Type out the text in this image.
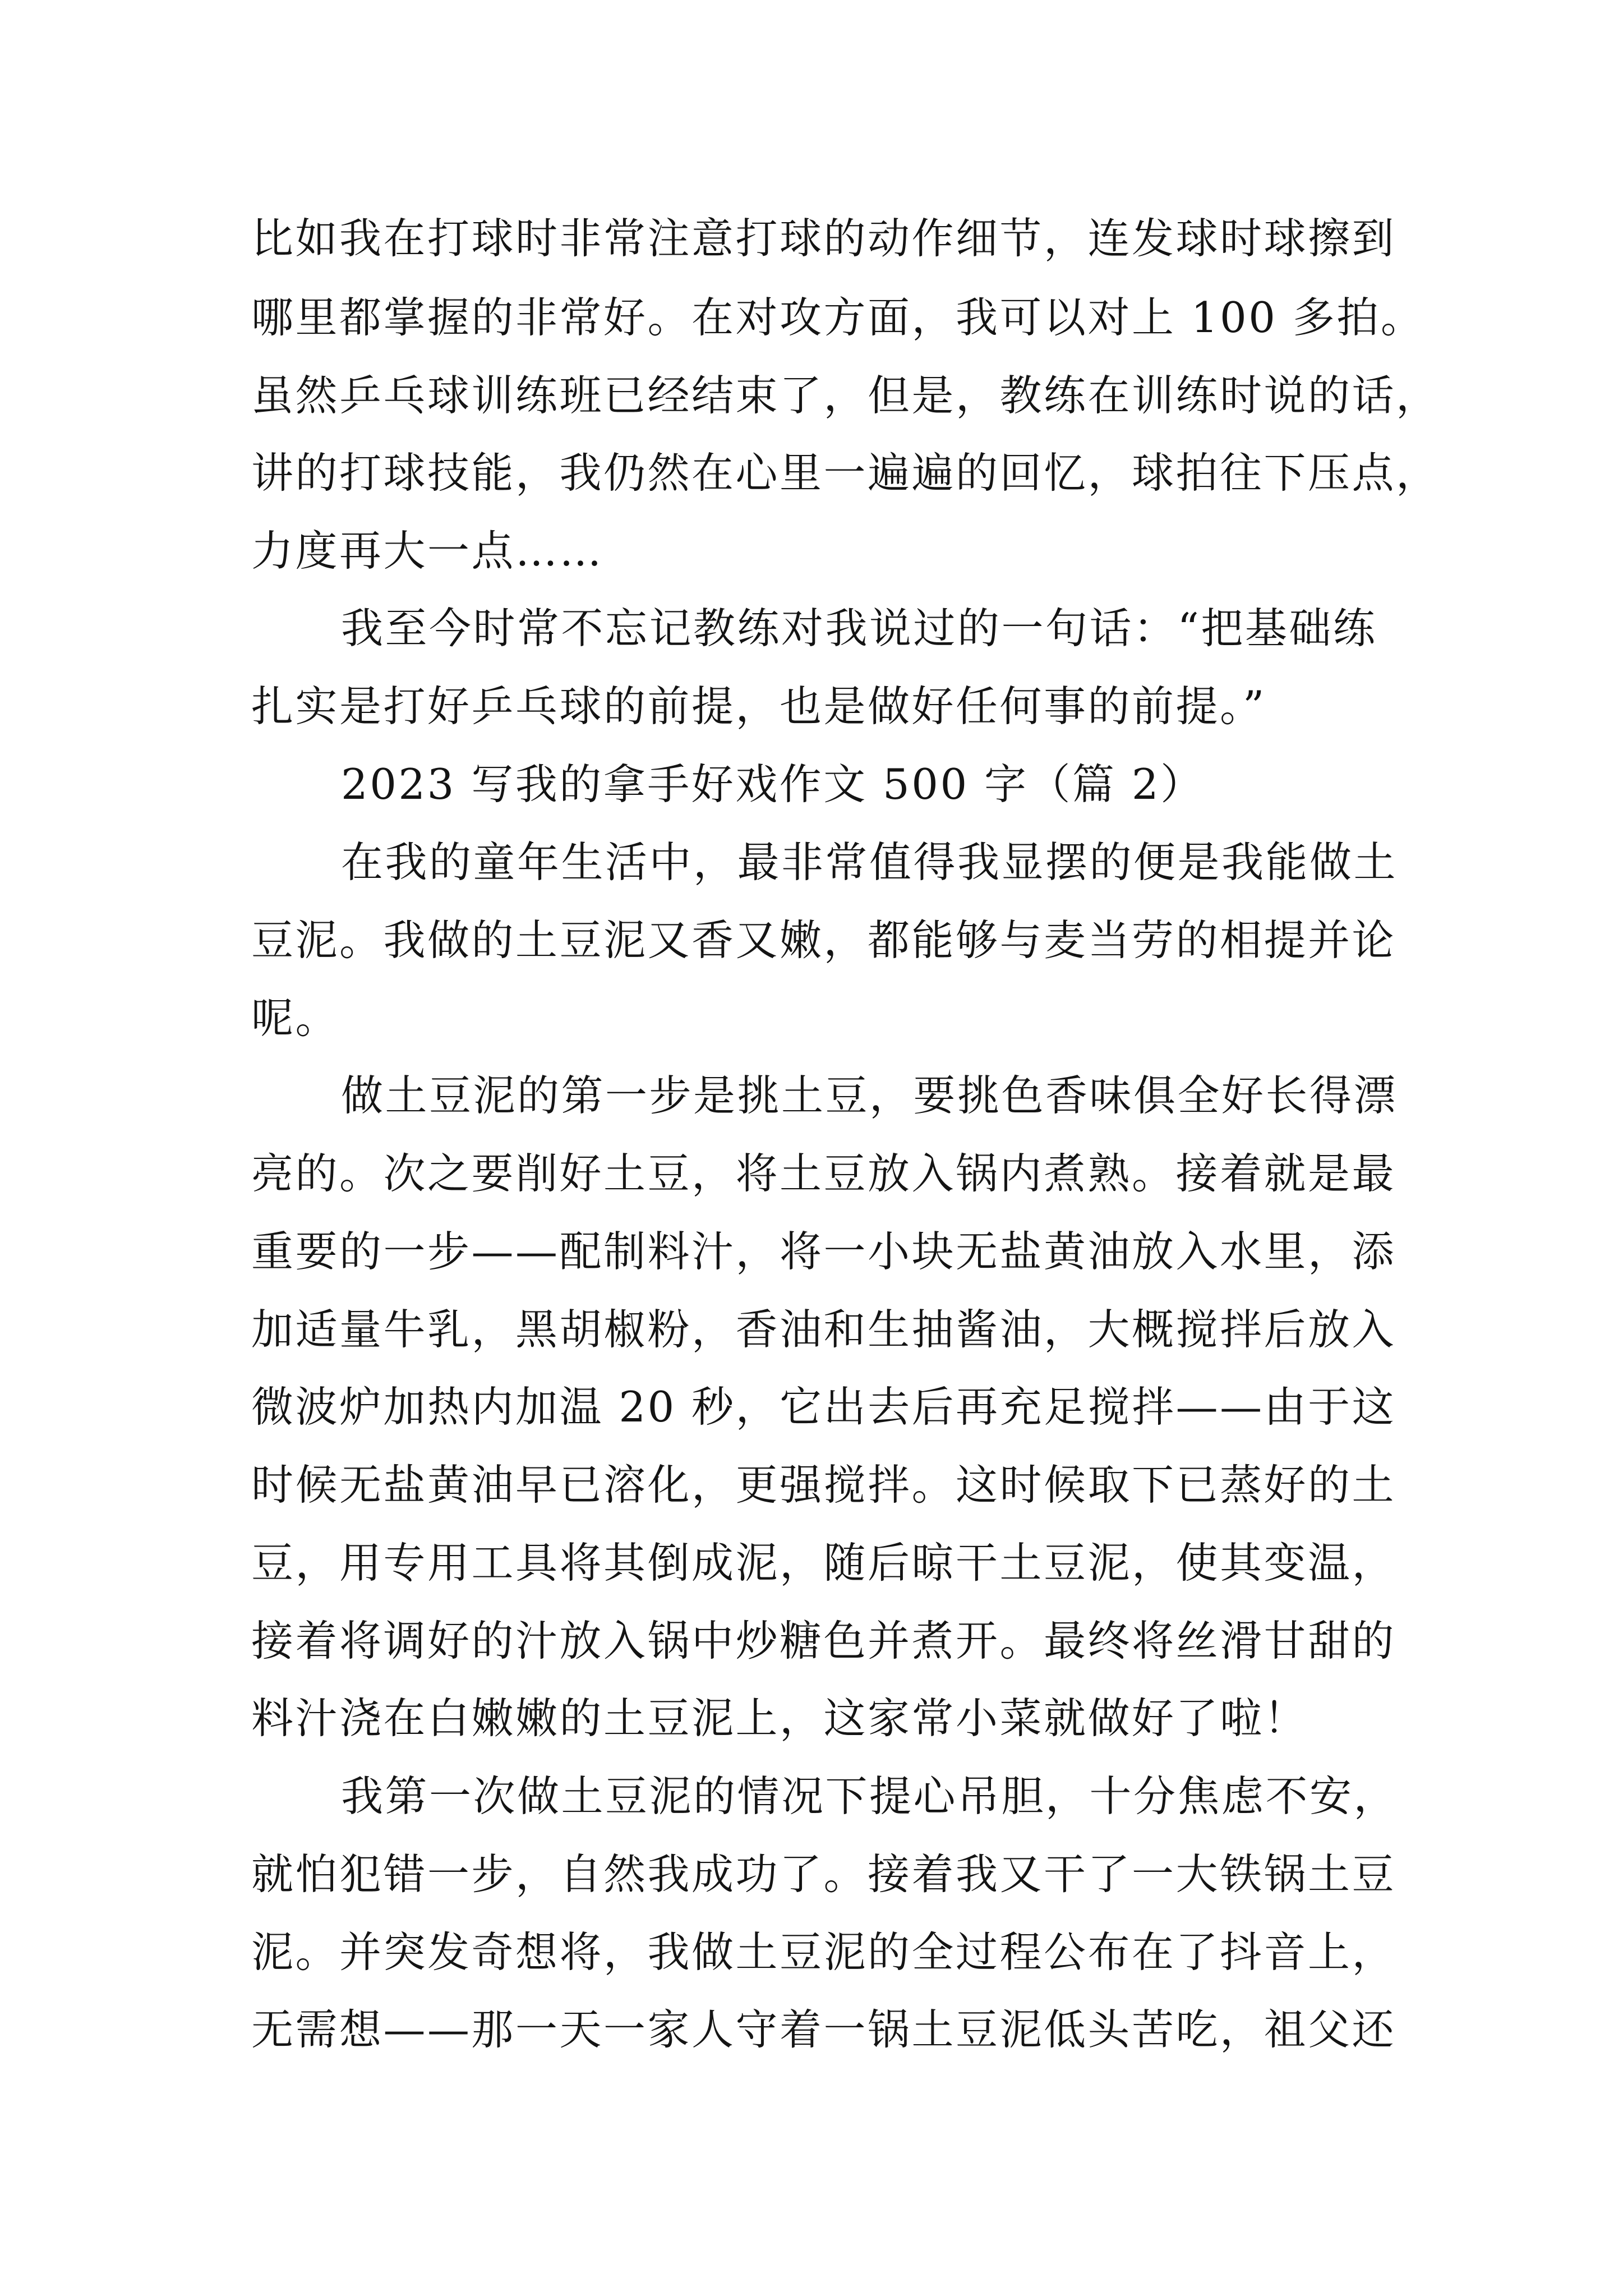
比如我在打球时非常注意打球的动作细节，连发球时球擦到
哪里都掌握的非常好。在对攻方面，我可以对上 100 多拍。
虽然乒乓球训练班已经结束了，但是，教练在训练时说的话，
讲的打球技能，我仍然在心里一遍遍的回忆，球拍往下压点，
力度再大一点……
我至今时常不忘记教练对我说过的一句话：“把基础练
扎实是打好乒乓球的前提，也是做好任何事的前提。”
2023 写我的拿手好戏作文 500 字（篇 2）
在我的童年生活中，最非常值得我显摆的便是我能做土
豆泥。我做的土豆泥又香又嫩，都能够与麦当劳的相提并论
呢。
做土豆泥的第一步是挑土豆，要挑色香味俱全好长得漂
亮的。次之要削好土豆，将土豆放入锅内煮熟。接着就是最
重要的一步——配制料汁，将一小块无盐黄油放入水里，添
加适量牛乳，黑胡椒粉，香油和生抽酱油，大概搅拌后放入
微波炉加热内加温 20 秒，它出去后再充足搅拌——由于这
时候无盐黄油早已溶化，更强搅拌。这时候取下已蒸好的土
豆，用专用工具将其倒成泥，随后晾干土豆泥，使其变温，
接着将调好的汁放入锅中炒糖色并煮开。最终将丝滑甘甜的
料汁浇在白嫩嫩的土豆泥上，这家常小菜就做好了啦！
我第一次做土豆泥的情况下提心吊胆，十分焦虑不安，
就怕犯错一步，自然我成功了。接着我又干了一大铁锅土豆
泥。并突发奇想将，我做土豆泥的全过程公布在了抖音上，
无需想——那一天一家人守着一锅土豆泥低头苦吃，祖父还
